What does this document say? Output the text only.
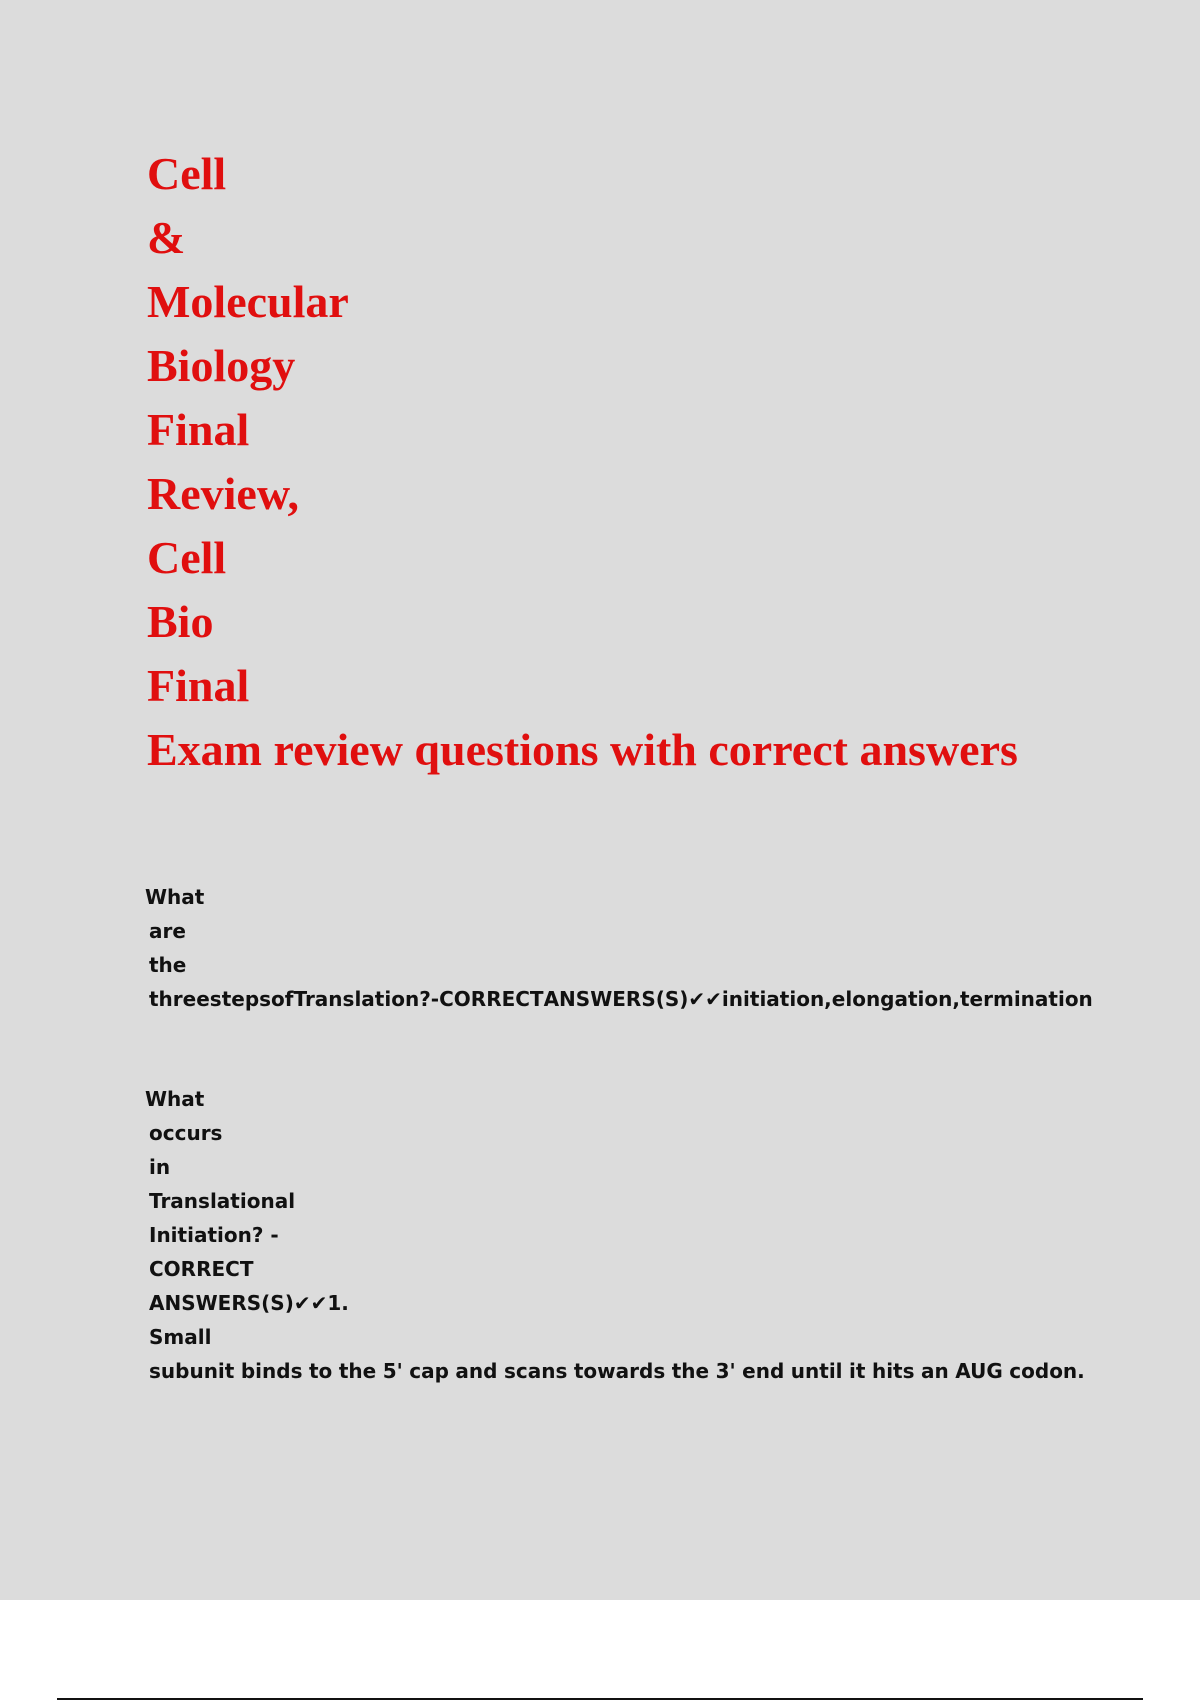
Cell
&
Molecular
Biology
Final
Review,
Cell
Bio
Final
Exam review questions with correct answers
What
are
the
three steps of Translation? - CORRECT ANSWERS(S)✔✔initiation, elongation, termination
What
occurs
in
Translational
Initiation? -
CORRECT
ANSWERS(S)✔✔1.
Small
subunit binds to the 5' cap and scans towards the 3' end until it hits an AUG codon.
